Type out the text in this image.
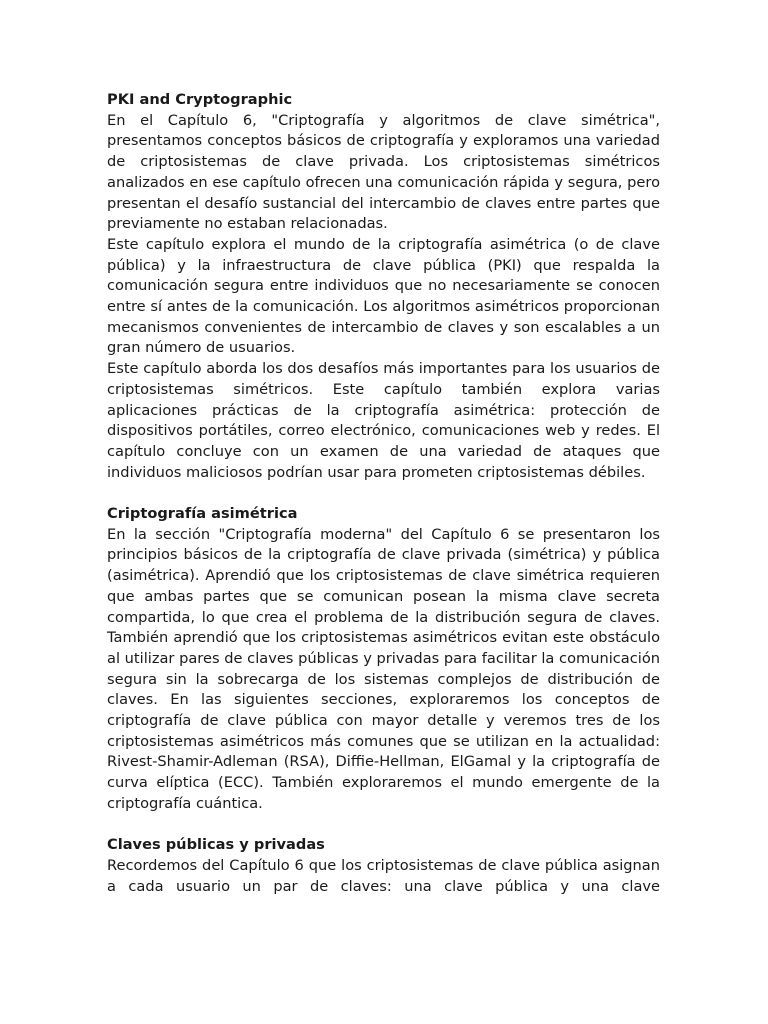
PKI and Cryptographic

En el Capítulo 6, "Criptografía y algoritmos de clave simétrica", presentamos conceptos básicos de criptografía y exploramos una variedad de criptosistemas de clave privada. Los criptosistemas simétricos analizados en ese capítulo ofrecen una comunicación rápida y segura, pero presentan el desafío sustancial del intercambio de claves entre partes que previamente no estaban relacionadas.

Este capítulo explora el mundo de la criptografía asimétrica (o de clave pública) y la infraestructura de clave pública (PKI) que respalda la comunicación segura entre individuos que no necesariamente se conocen entre sí antes de la comunicación. Los algoritmos asimétricos proporcionan mecanismos convenientes de intercambio de claves y son escalables a un gran número de usuarios.

Este capítulo aborda los dos desafíos más importantes para los usuarios de criptosistemas simétricos. Este capítulo también explora varias aplicaciones prácticas de la criptografía asimétrica: protección de dispositivos portátiles, correo electrónico, comunicaciones web y redes. El capítulo concluye con un examen de una variedad de ataques que individuos maliciosos podrían usar para prometen criptosistemas débiles.

Criptografía asimétrica

En la sección "Criptografía moderna" del Capítulo 6 se presentaron los principios básicos de la criptografía de clave privada (simétrica) y pública (asimétrica). Aprendió que los criptosistemas de clave simétrica requieren que ambas partes que se comunican posean la misma clave secreta compartida, lo que crea el problema de la distribución segura de claves. También aprendió que los criptosistemas asimétricos evitan este obstáculo al utilizar pares de claves públicas y privadas para facilitar la comunicación segura sin la sobrecarga de los sistemas complejos de distribución de claves. En las siguientes secciones, exploraremos los conceptos de criptografía de clave pública con mayor detalle y veremos tres de los criptosistemas asimétricos más comunes que se utilizan en la actualidad: Rivest-Shamir-Adleman (RSA), Diffie-Hellman, ElGamal y la criptografía de curva elíptica (ECC). También exploraremos el mundo emergente de la criptografía cuántica.

Claves públicas y privadas

Recordemos del Capítulo 6 que los criptosistemas de clave pública asignan a cada usuario un par de claves: una clave pública y una clave
